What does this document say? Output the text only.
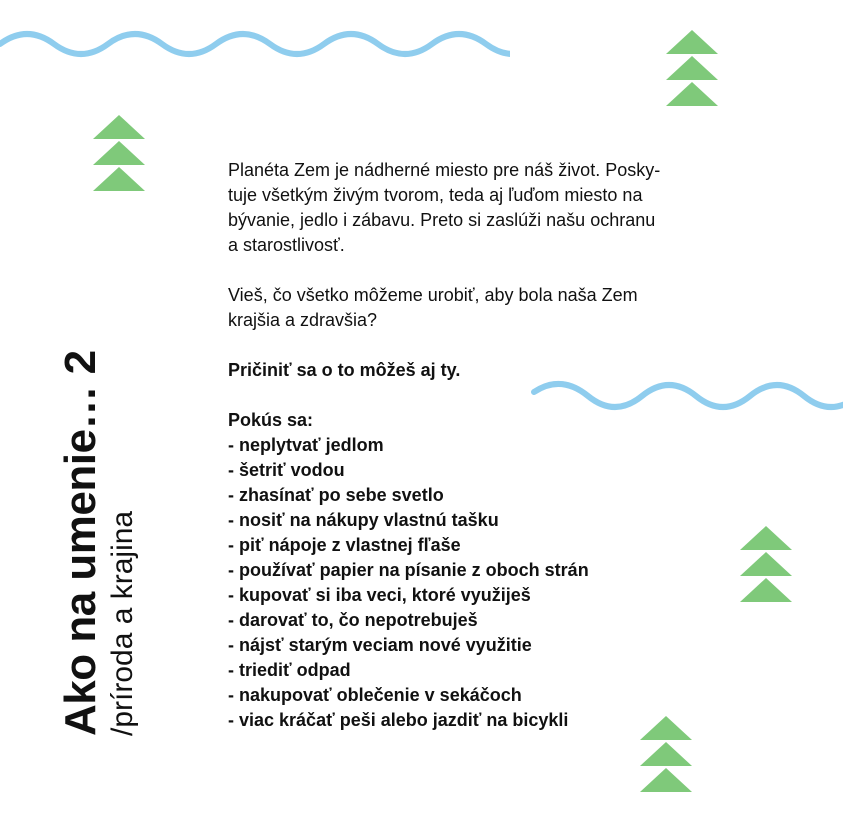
Ako na umenie… 2 /príroda a krajina

Planéta Zem je nádherné miesto pre náš život. Posky-

tuje všetkým živým tvorom, teda aj ľuďom miesto na

bývanie, jedlo i zábavu. Preto si zaslúži našu ochranu

a starostlivosť.

Vieš, čo všetko môžeme urobiť, aby bola naša Zem

krajšia a zdravšia?

Pričiniť sa o to môžeš aj ty.

Pokús sa:

- neplytvať jedlom
- šetriť vodou
- zhasínať po sebe svetlo
- nosiť na nákupy vlastnú tašku
- piť nápoje z vlastnej fľaše
- používať papier na písanie z oboch strán
- kupovať si iba veci, ktoré využiješ
- darovať to, čo nepotrebuješ
- nájsť starým veciam nové využitie
- triediť odpad
- nakupovať oblečenie v sekáčoch
- viac kráčať peši alebo jazdiť na bicykli
